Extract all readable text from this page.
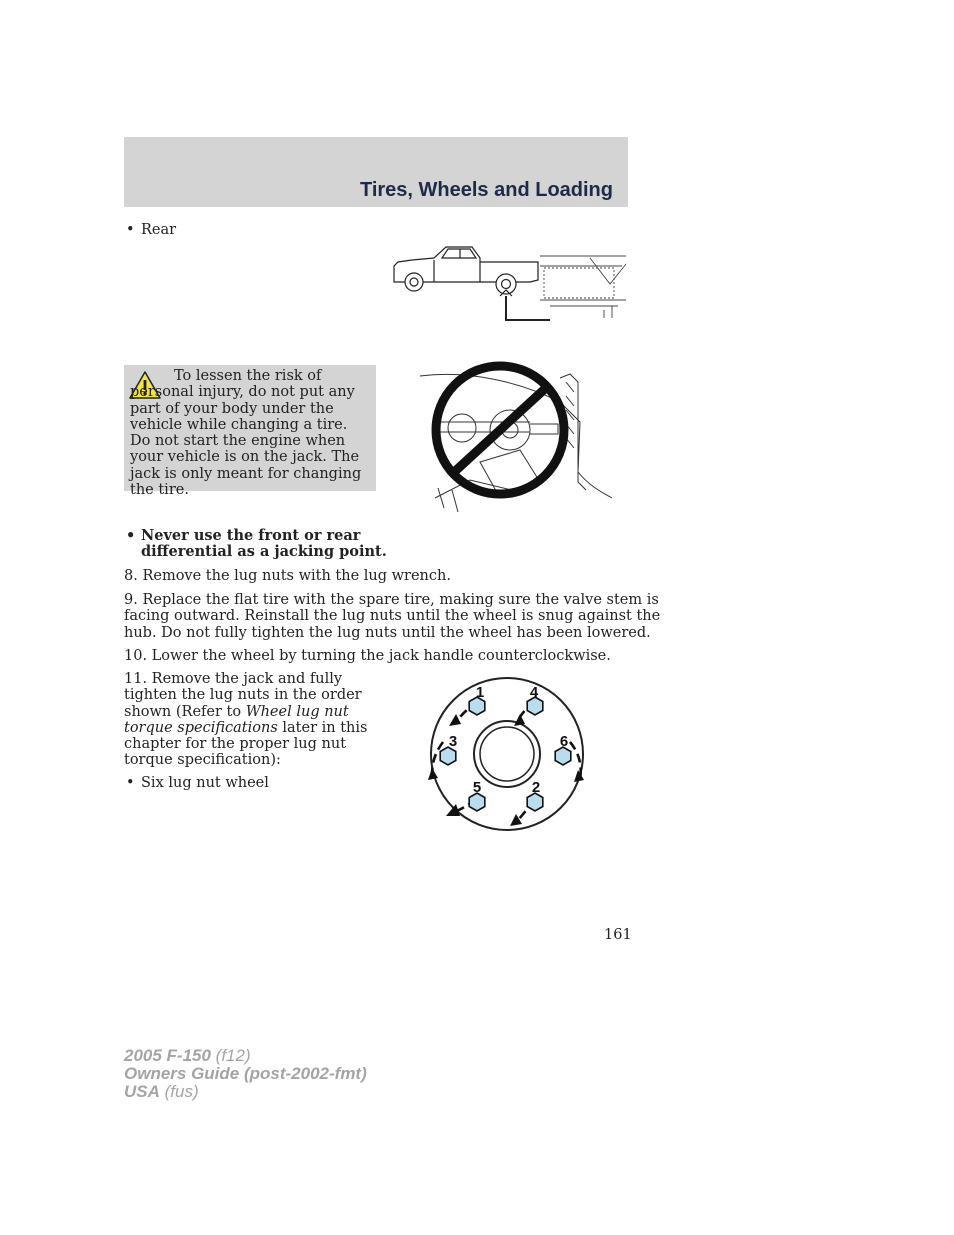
Tires, Wheels and Loading
• Rear
To lessen the risk of personal injury, do not put any part of your body under the vehicle while changing a tire. Do not start the engine when your vehicle is on the jack. The jack is only meant for changing the tire.
• Never use the front or rear
differential as a jacking point.
8. Remove the lug nuts with the lug wrench.
9. Replace the flat tire with the spare tire, making sure the valve stem is
facing outward. Reinstall the lug nuts until the wheel is snug against the
hub. Do not fully tighten the lug nuts until the wheel has been lowered.
10. Lower the wheel by turning the jack handle counterclockwise.
11. Remove the jack and fully
tighten the lug nuts in the order
shown (Refer to Wheel lug nut
torque specifications later in this
chapter for the proper lug nut
torque specification):
• Six lug nut wheel
1	4
3	6
5	2
161
2005 F-150 (f12)
Owners Guide (post-2002-fmt)
USA (fus)
